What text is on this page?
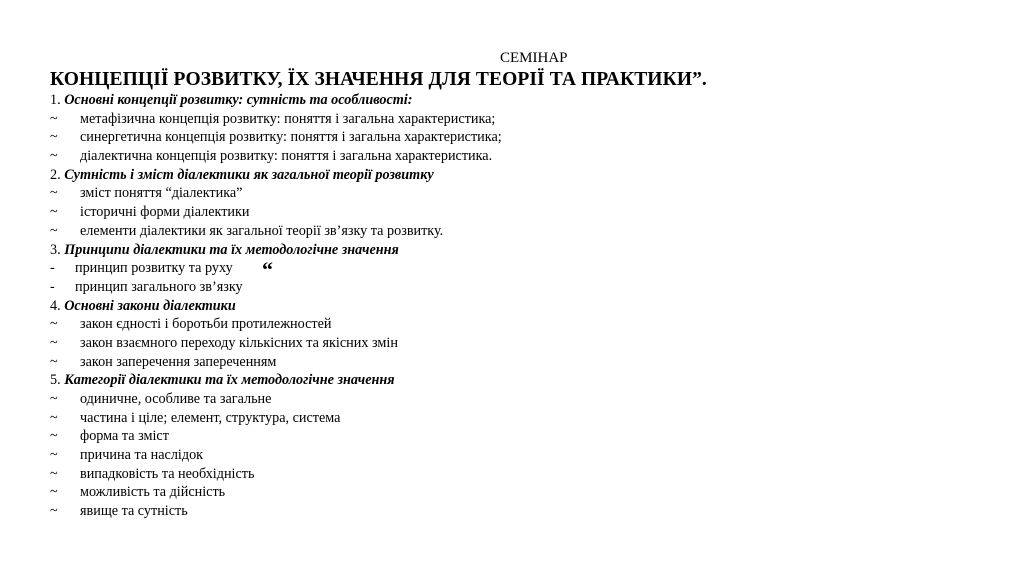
СЕМІНАР
КОНЦЕПЦІЇ РОЗВИТКУ, ЇХ ЗНАЧЕННЯ ДЛЯ ТЕОРІЇ ТА ПРАКТИКИ”.
1. Основні концепції розвитку: сутність та особливості:
~ метафізична концепція розвитку: поняття і загальна характеристика;
~ синергетична концепція розвитку: поняття і загальна характеристика;
~ діалектична концепція розвитку: поняття і загальна характеристика.
2. Сутність і зміст діалектики як загальної теорії розвитку
~ зміст поняття “діалектика”
~ історичні форми діалектики
~ елементи діалектики як загальної теорії зв’язку та розвитку.
3. Принципи діалектики та їх методологічне значення
- принцип розвитку та руху “
- принцип загального зв’язку
4. Основні закони діалектики
~ закон єдності і боротьби протилежностей
~ закон взаємного переходу кількісних та якісних змін
~ закон заперечення запереченням
5. Категорії діалектики та їх методологічне значення
~ одиничне, особливе та загальне
~ частина і ціле; елемент, структура, система
~ форма та зміст
~ причина та наслідок
~ випадковість та необхідність
~ можливість та дійсність
~ явище та сутність
